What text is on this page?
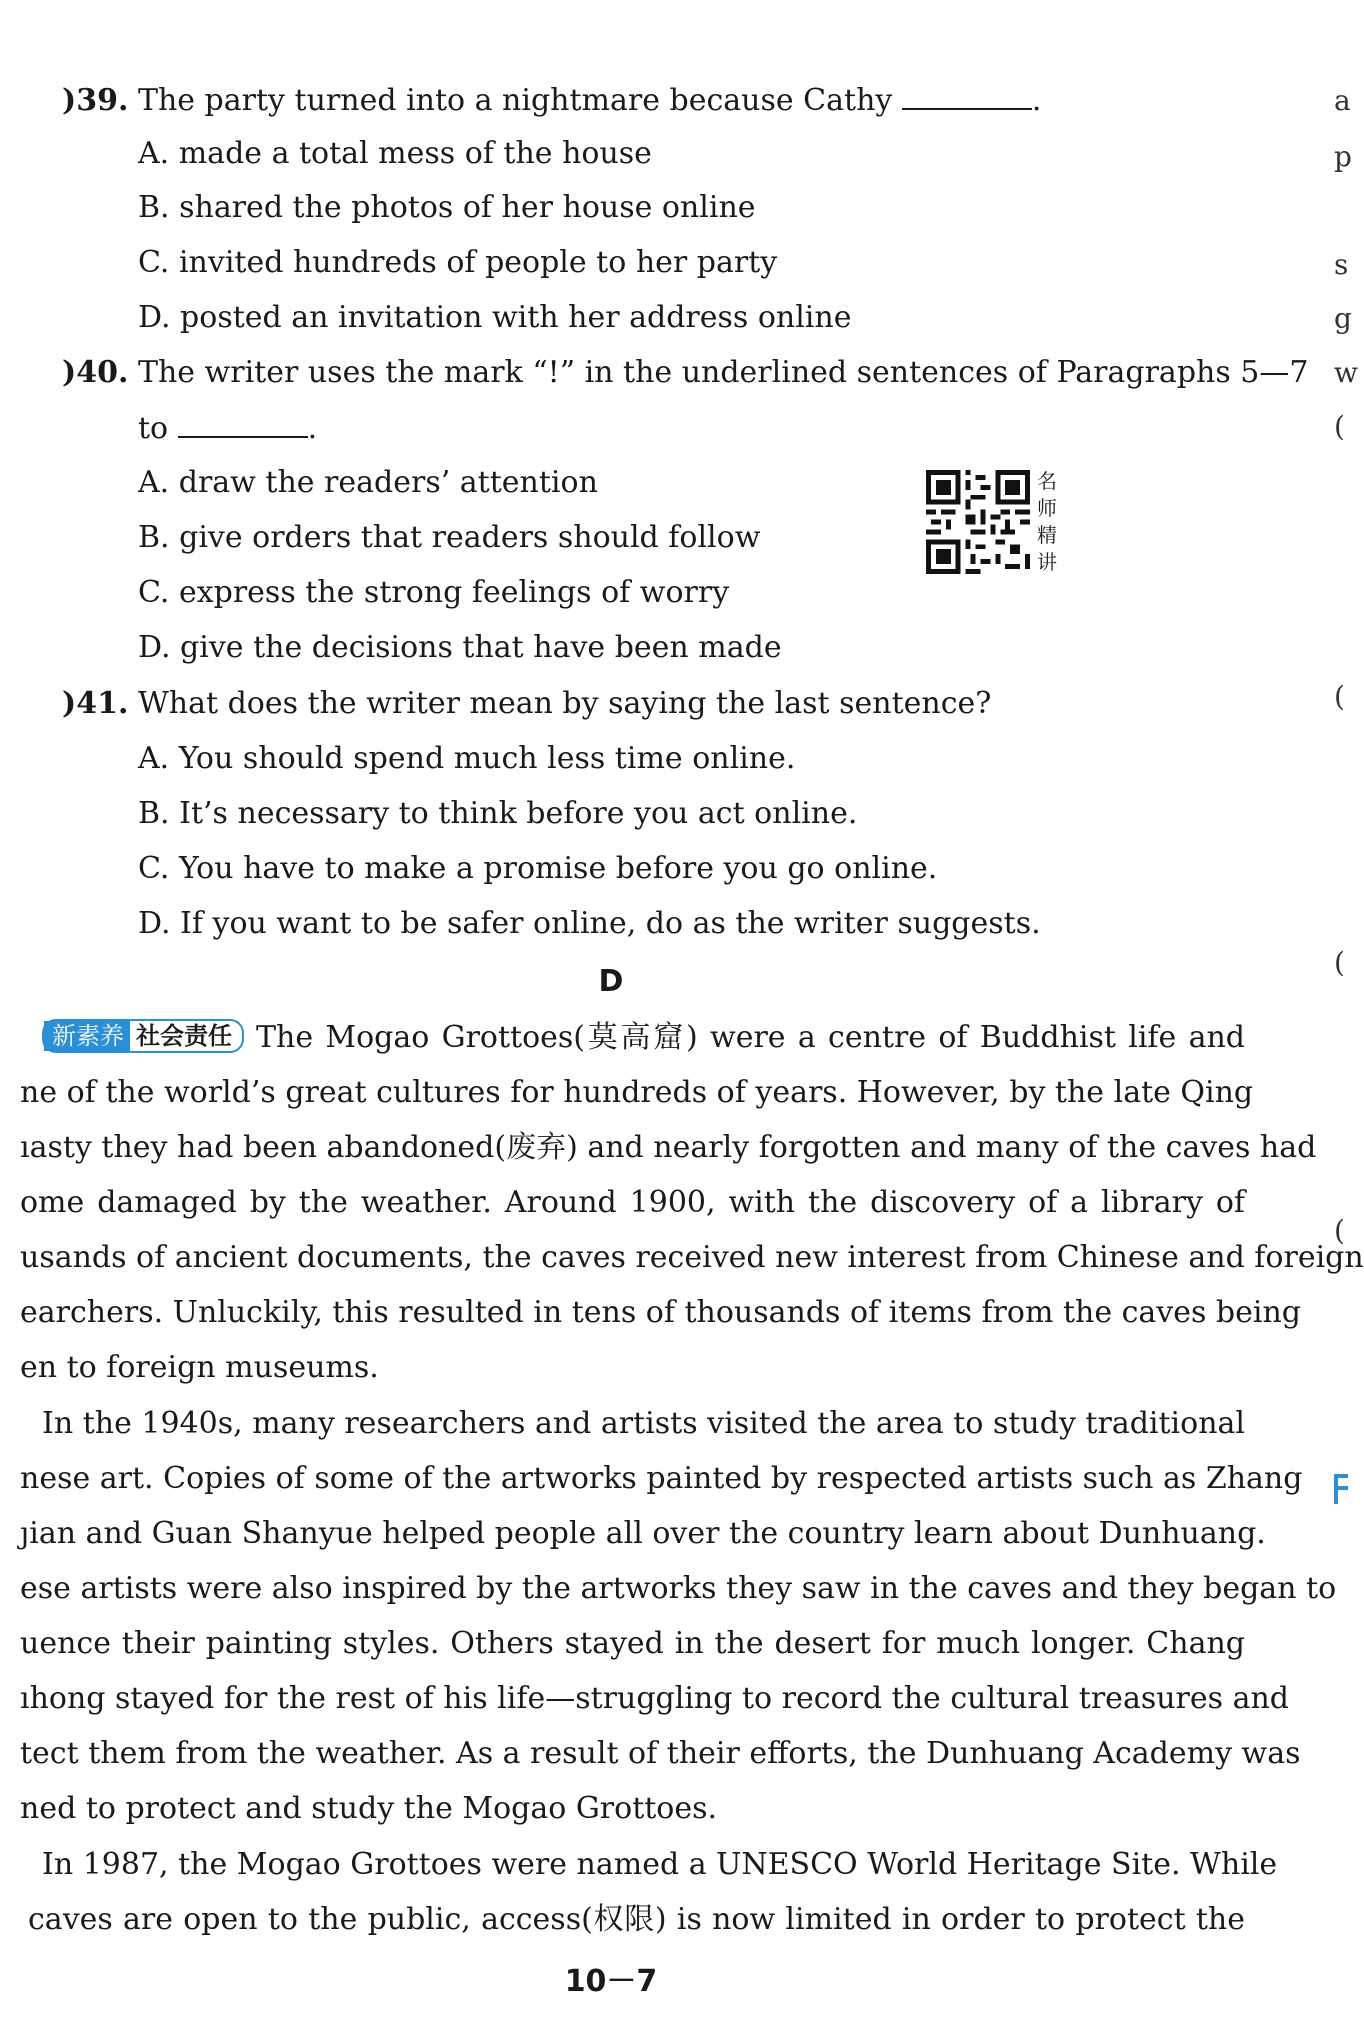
)39. The party turned into a nightmare because Cathy	.
A. made a total mess of the house
B. shared the photos of her house online
C. invited hundreds of people to her party
D. posted an invitation with her address online
)40. The writer uses the mark “!” in the underlined sentences of Paragraphs 5—7
to	.
A. draw the readers’ attention
B. give orders that readers should follow
C. express the strong feelings of worry
D. give the decisions that have been made
名
师
精
讲
)41. What does the writer mean by saying the last sentence?
A. You should spend much less time online.
B. It’s necessary to think before you act online.
C. You have to make a promise before you go online.
D. If you want to be safer online, do as the writer suggests.
D
新素养 社会责任 The Mogao Grottoes(莫高窟) were a centre of Buddhist life and
ne of the world’s great cultures for hundreds of years. However, by the late Qing
ıasty they had been abandoned(废弃) and nearly forgotten and many of the caves had
ome damaged by the weather. Around 1900, with the discovery of a library of
usands of ancient documents, the caves received new interest from Chinese and foreign
earchers. Unluckily, this resulted in tens of thousands of items from the caves being
en to foreign museums.
In the 1940s, many researchers and artists visited the area to study traditional
nese art. Copies of some of the artworks painted by respected artists such as Zhang
ȷian and Guan Shanyue helped people all over the country learn about Dunhuang.
ese artists were also inspired by the artworks they saw in the caves and they began to
uence their painting styles. Others stayed in the desert for much longer. Chang
ıhong stayed for the rest of his life—struggling to record the cultural treasures and
tect them from the weather. As a result of their efforts, the Dunhuang Academy was
ned to protect and study the Mogao Grottoes.
In 1987, the Mogao Grottoes were named a UNESCO World Heritage Site. While
caves are open to the public, access(权限) is now limited in order to protect the
a
p
s
g
w
(
(
(
(
10－7
